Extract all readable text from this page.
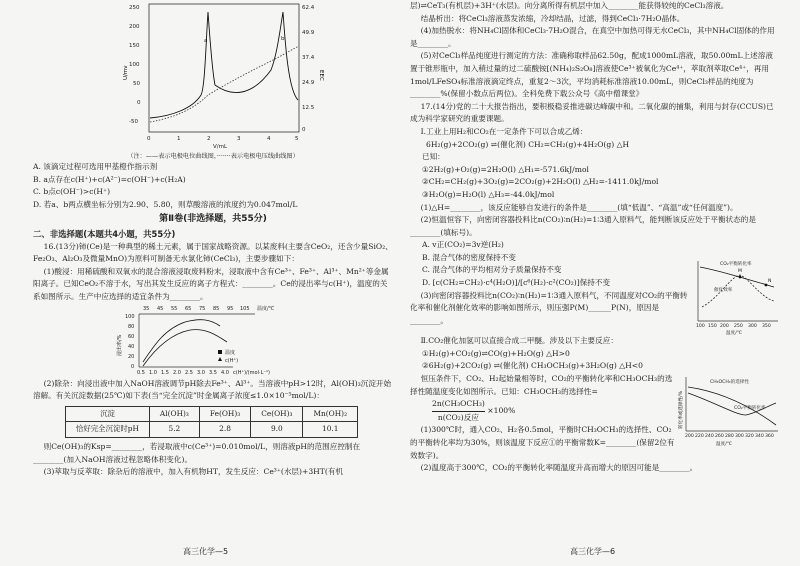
250
200
150
100
50
0
-50
62.4
49.9
37.4
24.9
12.5
0
0	1	2	3	4	5
V/mL
a	b
U/mv	EEC

（注：——表示电极电位曲线图，·······表示电极电压线曲线图）

A. 该滴定过程可选用甲基橙作指示剂

B. a点存在c(H⁺)+c(A²⁻)=c(OH⁻)+c(H₂A)

C. b点c(OH⁻)>c(H⁺)

D. 若a、b两点横坐标分别为2.90、5.80，则草酸溶液的浓度约为0.047mol/L

第Ⅱ卷(非选择题，共55分)

二、非选择题(本题共4小题，共55分)

16.(13分)铈(Ce)是一种典型的稀土元素，属于国家战略资源。以某废料(主要含CeO₂，还含少量SiO₂、Fe₂O₃、Al₂O₃及微量MnO)为原料可制备无水氯化铈(CeCl₃)，主要步骤如下：

(1)酸浸：用稀硫酸和双氧水的混合溶液浸取废料粉末，浸取液中含有Ce³⁺、Fe³⁺、Al³⁺、Mn²⁺等金属阳离子。已知CeO₂不溶于水，写出其发生反应的离子方程式：________。Ce的浸出率与c(H⁺)，温度的关系如图所示。生产中应选择的适宜条件为________。

35 45 55 65 75 85 95 105 温度/℃
100
80
60
40
20
0
0.5 1.0 1.5 2.0 2.5 3.0 3.5 4.0 c(H⁺)/(mol·L⁻¹)
温度
c(H⁺)
浸出率/%

(2)除杂：向浸出液中加入NaOH溶液调节pH除去Fe³⁺、Al³⁺。当溶液中pH>12时，Al(OH)₃沉淀开始溶解。有关沉淀数据(25℃)如下表(当“完全沉淀”时金属离子浓度≤1.0×10⁻⁵mol/L)：

沉淀	Al(OH)₃	Fe(OH)₃	Ce(OH)₃	Mn(OH)₂
恰好完全沉淀时pH	5.2	2.8	9.0	10.1

则Ce(OH)₃的Ksp=________，若浸取液中c(Ce³⁺)=0.010mol/L，则溶液pH的范围应控制在________(加入NaOH溶液过程忽略体积变化)。

(3)萃取与反萃取：除杂后的溶液中，加入有机物HT，发生反应：Ce³⁺(水层)+3HT(有机

高三化学—5

层)⇌CeT₃(有机层)+3H⁺(水层)。向分离所得有机层中加入________能获得较纯的CeCl₃溶液。

结晶析出：将CeCl₃溶液蒸发浓缩，冷却结晶，过滤，得到CeCl₃·7H₂O晶体。

(4)加热脱水：将NH₄Cl固体和CeCl₃·7H₂O混合，在真空中加热可得无水CeCl₃，其中NH₄Cl固体的作用是________。

(5)对CeCl₃样品纯度进行测定的方法：准确称取样品62.50g，配成1000mL溶液，取50.00mL上述溶液置于锥形瓶中，加入稍过量的过二硫酸铵[(NH₄)₂S₂O₈]溶液使Ce³⁺被氧化为Ce⁴⁺，萃取剂萃取Ce⁴⁺，再用1mol/LFeSO₄标准溶液滴定终点，重复2～3次，平均消耗标准溶液10.00mL，则CeCl₃样品的纯度为________%(保留小数点后两位)。全科免费下载公众号《高中僧课堂》

17.(14分)党的二十大报告指出，要积极稳妥推进碳达峰碳中和。二氧化碳的捕集，利用与封存(CCUS)已成为科学家研究的重要课题。

Ⅰ.工业上用H₂和CO₂在一定条件下可以合成乙烯：

6H₂(g)+2CO₂(g) ⇌(催化剂) CH₂=CH₂(g)+4H₂O(g) △H

已知：

①2H₂(g)+O₂(g)=2H₂O(l) △H₁=-571.6kJ/mol

②CH₂=CH₂(g)+3O₂(g)=2CO₂(g)+2H₂O(l) △H₂=-1411.0kJ/mol

③H₂O(g)=H₂O(l) △H₃=-44.0kJ/mol

(1)△H=________，该反应能够自发进行的条件是________(填“低温”、“高温”或“任何温度”)。

(2)恒温恒容下，向密闭容器投料比n(CO₂)∶n(H₂)=1∶3通入原料气，能判断该反应处于平衡状态的是________(填标号)。

A. v正(CO₂)=3v逆(H₂)

B. 混合气体的密度保持不变

C. 混合气体的平均相对分子质量保持不变

D. [c(CH₂=CH₂)·c⁴(H₂O)]/[c⁶(H₂)·c²(CO₂)]保持不变

(3)向密闭容器投料比n(CO₂)∶n(H₂)=1∶3通入原料气，不同温度对CO₂的平衡转化率和催化剂催化效率的影响如图所示，则压强P(M)______P(N)，原因是________。

CO₂平衡转化率
催化效率
M
N
100 150 200 250 300 350
温度/℃

Ⅱ.CO₂催化加氢可以直接合成二甲醚。涉及以下主要反应：

①H₂(g)+CO₂(g)⇌CO(g)+H₂O(g) △H>0

②6H₂(g)+2CO₂(g) ⇌(催化剂) CH₃OCH₃(g)+3H₂O(g) △H<0

恒压条件下，CO₂、H₂起始量相等时，CO₂的平衡转化率和CH₃OCH₃的选择性随温度变化如图所示。已知：CH₃OCH₃的选择性=

2n(CH₃OCH₃)
n(CO₂)反应
×100%

(1)300℃时，通入CO₂、H₂各0.5mol，平衡时CH₃OCH₃的选择性、CO₂的平衡转化率均为30%，则该温度下反应①的平衡常数K=________(保留2位有效数字)。

CH₃OCH₃的选择性
CO₂平衡转化率
200 220 240 260 280 300 320 340 360
温度/℃
转化率或选择性/%

(2)温度高于300℃，CO₂的平衡转化率随温度升高而增大的原因可能是________。

高三化学—6
